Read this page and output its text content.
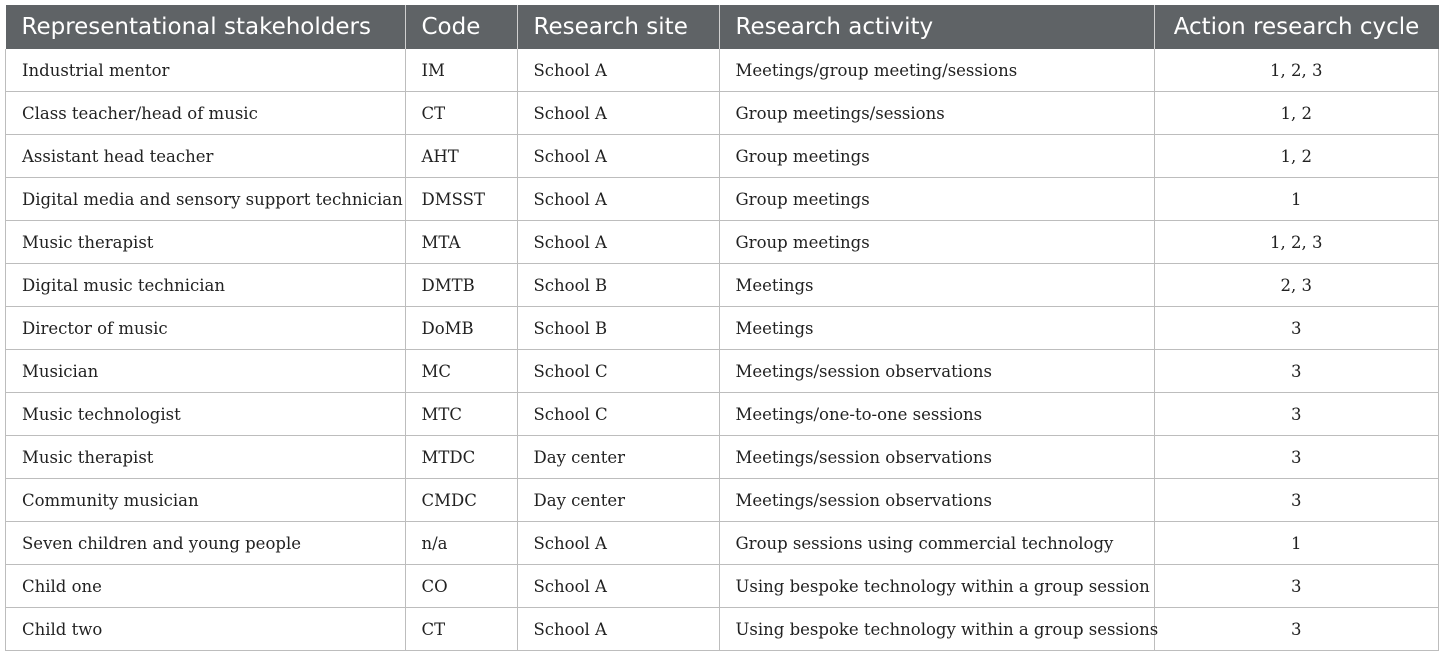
Representational stakeholders	Code	Research site	Research activity	Action research cycle
Industrial mentor	IM	School A	Meetings/group meeting/sessions	1, 2, 3
Class teacher/head of music	CT	School A	Group meetings/sessions	1, 2
Assistant head teacher	AHT	School A	Group meetings	1, 2
Digital media and sensory support technician	DMSST	School A	Group meetings	1
Music therapist	MTA	School A	Group meetings	1, 2, 3
Digital music technician	DMTB	School B	Meetings	2, 3
Director of music	DoMB	School B	Meetings	3
Musician	MC	School C	Meetings/session observations	3
Music technologist	MTC	School C	Meetings/one-to-one sessions	3
Music therapist	MTDC	Day center	Meetings/session observations	3
Community musician	CMDC	Day center	Meetings/session observations	3
Seven children and young people	n/a	School A	Group sessions using commercial technology	1
Child one	CO	School A	Using bespoke technology within a group session	3
Child two	CT	School A	Using bespoke technology within a group sessions	3
